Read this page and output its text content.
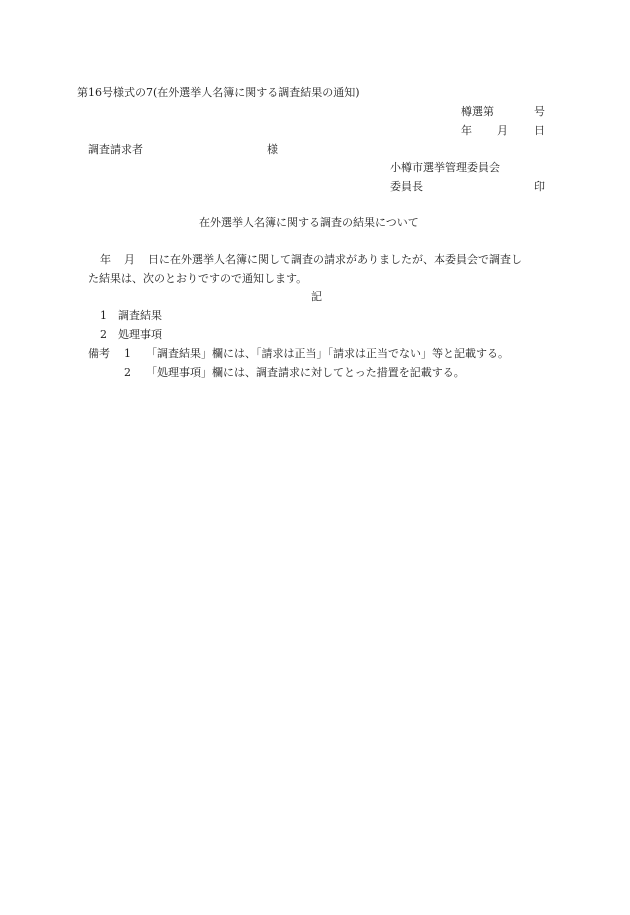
第16号様式の7(在外選挙人名簿に関する調査結果の通知)
樽選第	号
年 月 日
調査請求者	様
小樽市選挙管理委員会
委員長	印
在外選挙人名簿に関する調査の結果について
年 月 日に在外選挙人名簿に関して調査の請求がありましたが、本委員会で調査し
た結果は、次のとおりですので通知します。
記
1 調査結果
2 処理事項
備考 1 「調査結果」欄には、「請求は正当」「請求は正当でない」等と記載する。
2 「処理事項」欄には、調査請求に対してとった措置を記載する。
